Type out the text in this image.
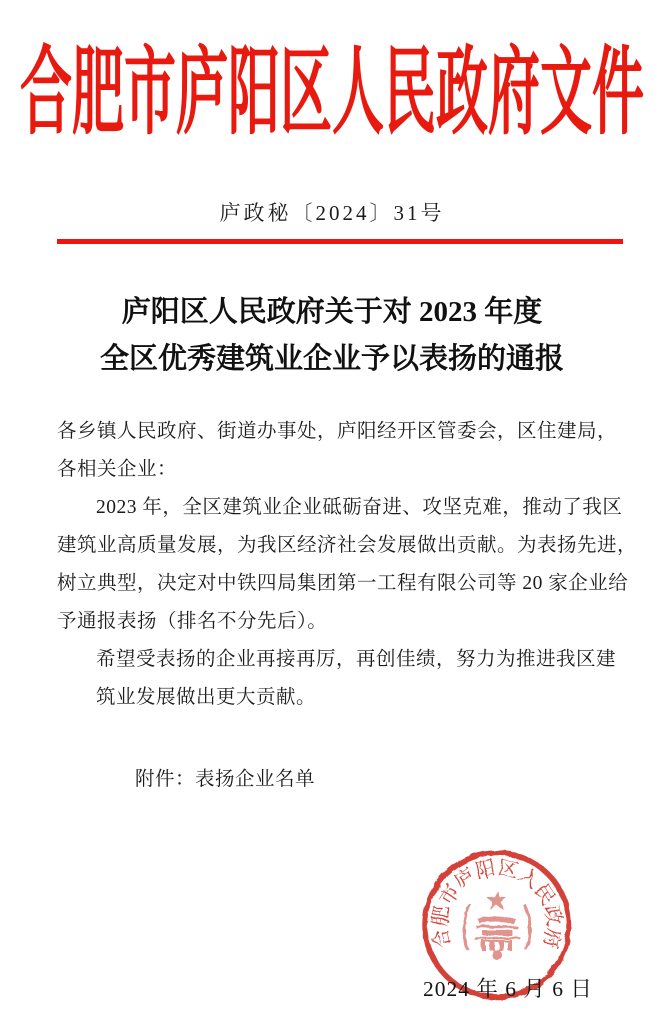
合肥市庐阳区人民政府文件
庐政秘〔2024〕31号
庐阳区人民政府关于对 2023 年度
全区优秀建筑业企业予以表扬的通报
各乡镇人民政府、街道办事处，庐阳经开区管委会，区住建局，
各相关企业：
2023 年，全区建筑业企业砥砺奋进、攻坚克难，推动了我区
建筑业高质量发展，为我区经济社会发展做出贡献。为表扬先进，
树立典型，决定对中铁四局集团第一工程有限公司等 20 家企业给
予通报表扬（排名不分先后）。
希望受表扬的企业再接再厉，再创佳绩，努力为推进我区建
筑业发展做出更大贡献。
附件：表扬企业名单
合肥市庐阳区人民政府
2024 年 6 月 6 日
